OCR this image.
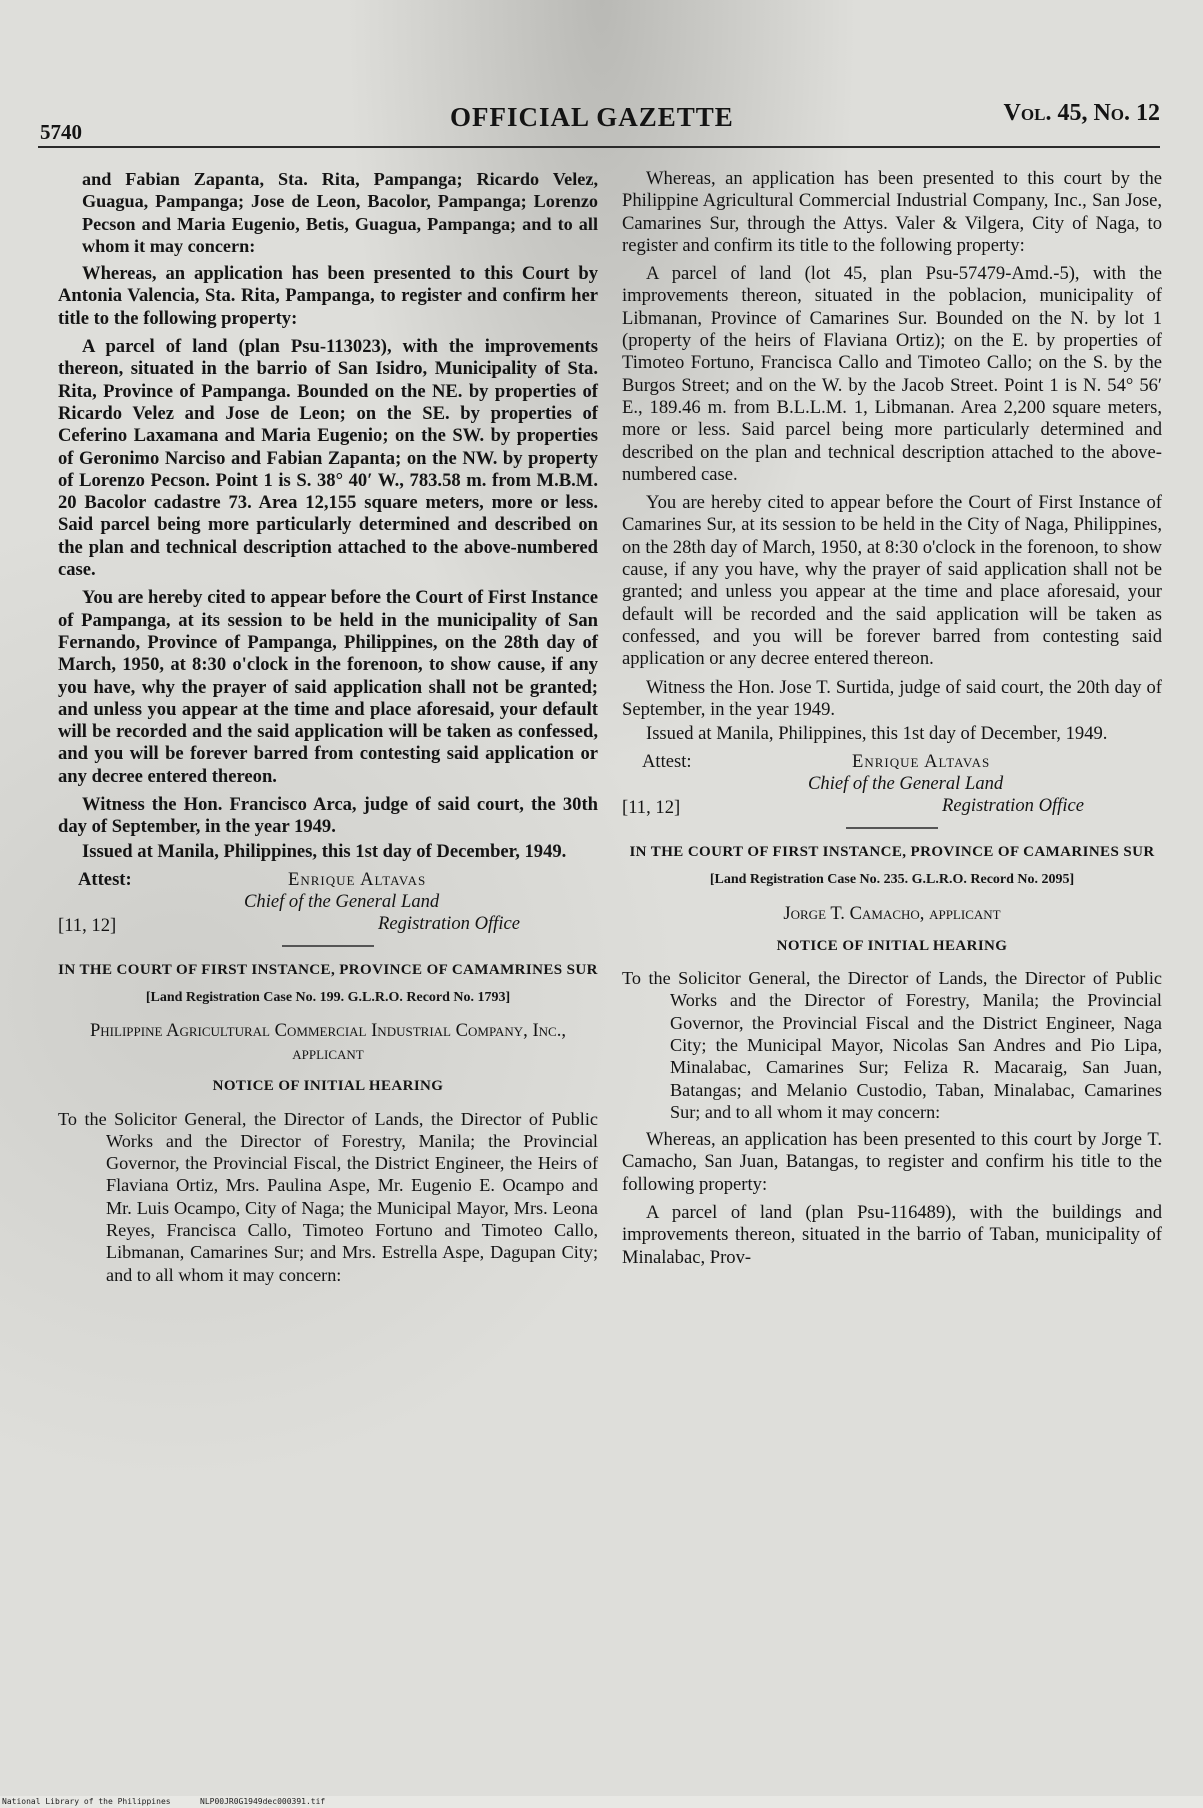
5740	OFFICIAL GAZETTE	Vol. 45, No. 12

and Fabian Zapanta, Sta. Rita, Pampanga; Ricardo Velez, Guagua, Pampanga; Jose de Leon, Bacolor, Pampanga; Lorenzo Pecson and Maria Eugenio, Betis, Guagua, Pampanga; and to all whom it may concern:

Whereas, an application has been presented to this Court by Antonia Valencia, Sta. Rita, Pampanga, to register and confirm her title to the following property:

A parcel of land (plan Psu-113023), with the improvements thereon, situated in the barrio of San Isidro, Municipality of Sta. Rita, Province of Pampanga. Bounded on the NE. by properties of Ricardo Velez and Jose de Leon; on the SE. by properties of Ceferino Laxamana and Maria Eugenio; on the SW. by properties of Geronimo Narciso and Fabian Zapanta; on the NW. by property of Lorenzo Pecson. Point 1 is S. 38° 40′ W., 783.58 m. from M.B.M. 20 Bacolor cadastre 73. Area 12,155 square meters, more or less. Said parcel being more particularly determined and described on the plan and technical description attached to the above-numbered case.

You are hereby cited to appear before the Court of First Instance of Pampanga, at its session to be held in the municipality of San Fernando, Province of Pampanga, Philippines, on the 28th day of March, 1950, at 8:30 o'clock in the forenoon, to show cause, if any you have, why the prayer of said application shall not be granted; and unless you appear at the time and place aforesaid, your default will be recorded and the said application will be taken as confessed, and you will be forever barred from contesting said application or any decree entered thereon.

Witness the Hon. Francisco Arca, judge of said court, the 30th day of September, in the year 1949.

Issued at Manila, Philippines, this 1st day of December, 1949.

Attest:	Enrique Altavas
Chief of the General Land
Registration Office
[11, 12]
IN THE COURT OF FIRST INSTANCE, PROVINCE OF CAMAMRINES SUR
[Land Registration Case No. 199. G.L.R.O. Record No. 1793]
Philippine Agricultural Commercial Industrial Company, Inc., applicant
NOTICE OF INITIAL HEARING

To the Solicitor General, the Director of Lands, the Director of Public Works and the Director of Forestry, Manila; the Provincial Governor, the Provincial Fiscal, the District Engineer, the Heirs of Flaviana Ortiz, Mrs. Paulina Aspe, Mr. Eugenio E. Ocampo and Mr. Luis Ocampo, City of Naga; the Municipal Mayor, Mrs. Leona Reyes, Francisca Callo, Timoteo Fortuno and Timoteo Callo, Libmanan, Camarines Sur; and Mrs. Estrella Aspe, Dagupan City; and to all whom it may concern:

Whereas, an application has been presented to this court by the Philippine Agricultural Commercial Industrial Company, Inc., San Jose, Camarines Sur, through the Attys. Valer & Vilgera, City of Naga, to register and confirm its title to the following property:

A parcel of land (lot 45, plan Psu-57479-Amd.-5), with the improvements thereon, situated in the poblacion, municipality of Libmanan, Province of Camarines Sur. Bounded on the N. by lot 1 (property of the heirs of Flaviana Ortiz); on the E. by properties of Timoteo Fortuno, Francisca Callo and Timoteo Callo; on the S. by the Burgos Street; and on the W. by the Jacob Street. Point 1 is N. 54° 56′ E., 189.46 m. from B.L.L.M. 1, Libmanan. Area 2,200 square meters, more or less. Said parcel being more particularly determined and described on the plan and technical description attached to the above-numbered case.

You are hereby cited to appear before the Court of First Instance of Camarines Sur, at its session to be held in the City of Naga, Philippines, on the 28th day of March, 1950, at 8:30 o'clock in the forenoon, to show cause, if any you have, why the prayer of said application shall not be granted; and unless you appear at the time and place aforesaid, your default will be recorded and the said application will be taken as confessed, and you will be forever barred from contesting said application or any decree entered thereon.

Witness the Hon. Jose T. Surtida, judge of said court, the 20th day of September, in the year 1949.

Issued at Manila, Philippines, this 1st day of December, 1949.

Attest:	Enrique Altavas
Chief of the General Land
Registration Office
[11, 12]
IN THE COURT OF FIRST INSTANCE, PROVINCE OF CAMARINES SUR
[Land Registration Case No. 235. G.L.R.O. Record No. 2095]
Jorge T. Camacho, applicant
NOTICE OF INITIAL HEARING

To the Solicitor General, the Director of Lands, the Director of Public Works and the Director of Forestry, Manila; the Provincial Governor, the Provincial Fiscal and the District Engineer, Naga City; the Municipal Mayor, Nicolas San Andres and Pio Lipa, Minalabac, Camarines Sur; Feliza R. Macaraig, San Juan, Batangas; and Melanio Custodio, Taban, Minalabac, Camarines Sur; and to all whom it may concern:

Whereas, an application has been presented to this court by Jorge T. Camacho, San Juan, Batangas, to register and confirm his title to the following property:

A parcel of land (plan Psu-116489), with the buildings and improvements thereon, situated in the barrio of Taban, municipality of Minalabac, Prov-

National Library of the Philippines	NLP00JR0G1949dec000391.tif
